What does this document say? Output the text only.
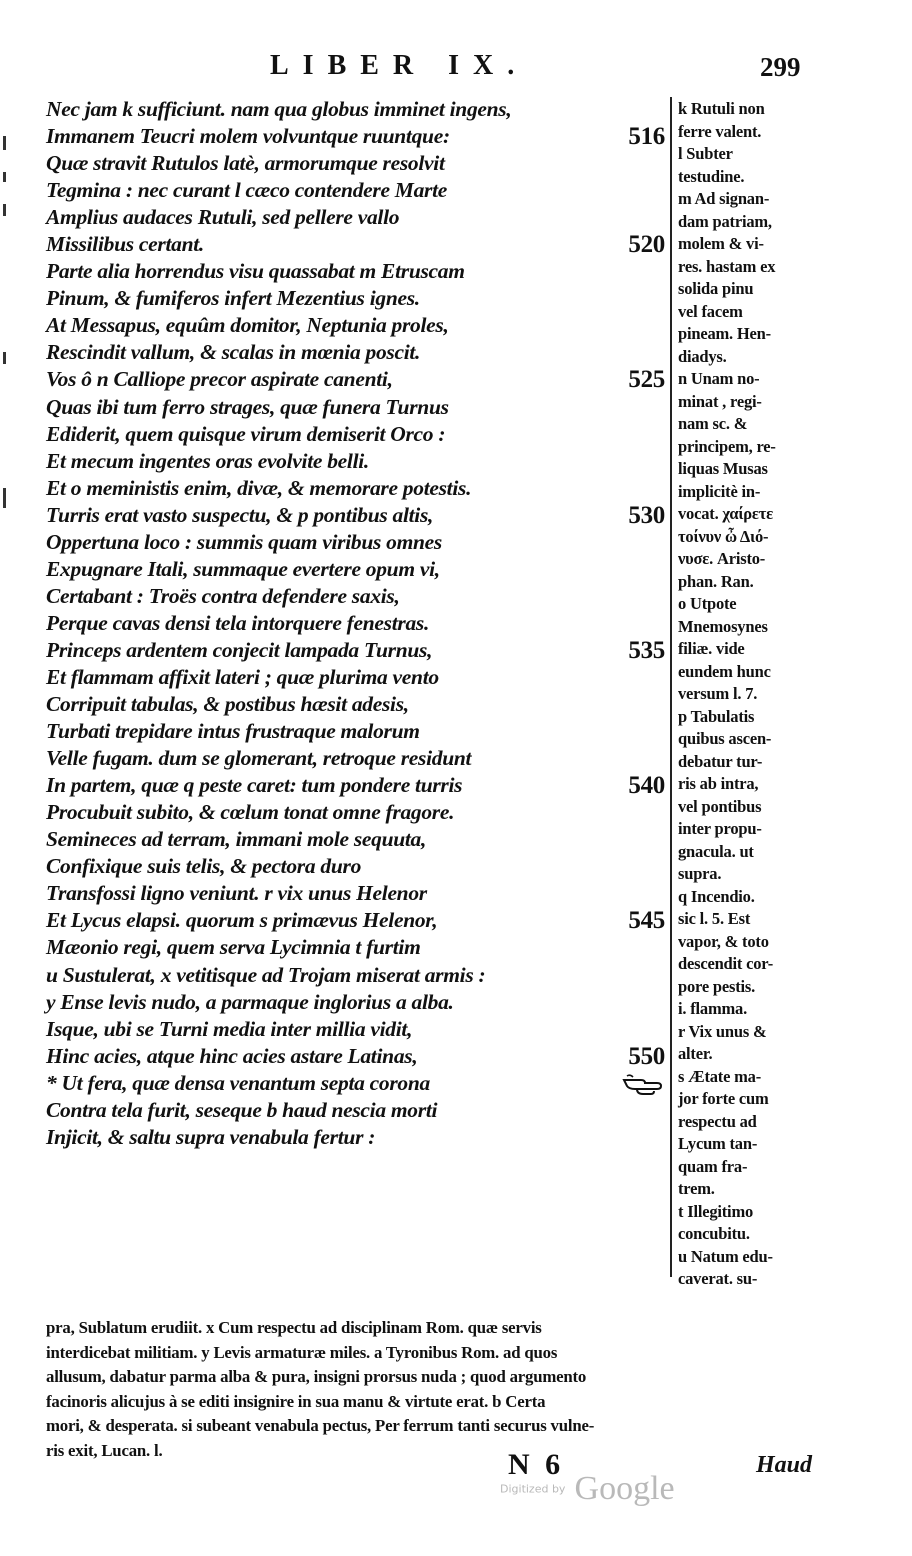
LIBER IX.	299
Nec jam k sufficiunt. nam qua globus imminet ingens,
Immanem Teucri molem volvuntque ruuntque:	516
Quæ stravit Rutulos latè, armorumque resolvit
Tegmina : nec curant l cæco contendere Marte
Amplius audaces Rutuli, sed pellere vallo
Missilibus certant.	520
Parte alia horrendus visu quassabat m Etruscam
Pinum, & fumiferos infert Mezentius ignes.
At Messapus, equûm domitor, Neptunia proles,
Rescindit vallum, & scalas in mœnia poscit.
Vos ô n Calliope precor aspirate canenti,	525
Quas ibi tum ferro strages, quæ funera Turnus
Ediderit, quem quisque virum demiserit Orco :
Et mecum ingentes oras evolvite belli.
Et o meministis enim, divæ, & memorare potestis.
Turris erat vasto suspectu, & p pontibus altis,	530
Oppertuna loco : summis quam viribus omnes
Expugnare Itali, summaque evertere opum vi,
Certabant : Troës contra defendere saxis,
Perque cavas densi tela intorquere fenestras.
Princeps ardentem conjecit lampada Turnus,	535
Et flammam affixit lateri ; quæ plurima vento
Corripuit tabulas, & postibus hæsit adesis,
Turbati trepidare intus frustraque malorum
Velle fugam. dum se glomerant, retroque residunt
In partem, quæ q peste caret: tum pondere turris	540
Procubuit subito, & cœlum tonat omne fragore.
Semineces ad terram, immani mole sequuta,
Confixique suis telis, & pectora duro
Transfossi ligno veniunt. r vix unus Helenor
Et Lycus elapsi. quorum s primævus Helenor,	545
Mæonio regi, quem serva Lycimnia t furtim
u Sustulerat, x vetitisque ad Trojam miserat armis :
y Ense levis nudo, a parmaque inglorius a alba.
Isque, ubi se Turni media inter millia vidit,
Hinc acies, atque hinc acies astare Latinas,	550
* Ut fera, quæ densa venantum septa corona
Contra tela furit, seseque b haud nescia morti
Injicit, & saltu supra venabula fertur :
k Rutuli non
ferre valent.
l Subter
testudine.
m Ad signan-
dam patriam,
molem & vi-
res. hastam ex
solida pinu
vel facem
pineam. Hen-
diadys.
n Unam no-
minat , regi-
nam sc. &
principem, re-
liquas Musas
implicitè in-
vocat. χαίρετε
τοίνυν ὦ Διό-
νυσε. Aristo-
phan. Ran.
o Utpote
Mnemosynes
filiæ. vide
eundem hunc
versum l. 7.
p Tabulatis
quibus ascen-
debatur tur-
ris ab intra,
vel pontibus
inter propu-
gnacula. ut
supra.
q Incendio.
sic l. 5. Est
vapor, & toto
descendit cor-
pore pestis.
i. flamma.
r Vix unus &
alter.
s Ætate ma-
jor forte cum
respectu ad
Lycum tan-
quam fra-
trem.
t Illegitimo
concubitu.
u Natum edu-
caverat. su-
pra, Sublatum erudiit. x Cum respectu ad disciplinam Rom. quæ servis
interdicebat militiam. y Levis armaturæ miles. a Tyronibus Rom. ad quos
allusum, dabatur parma alba & pura, insigni prorsus nuda ; quod argumento
facinoris alicujus à se editi insignire in sua manu & virtute erat. b Certa
mori, & desperata. si subeant venabula pectus, Per ferrum tanti securus vulne-
ris exit, Lucan. l.	N 6	Haud
Digitized by Google
